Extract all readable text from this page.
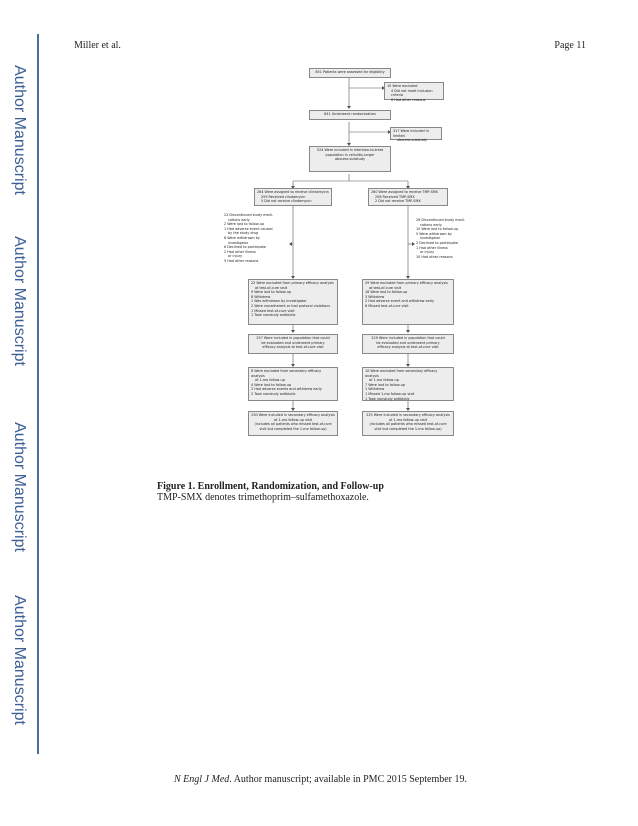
Author Manuscript
Author Manuscript
Author Manuscript
Author Manuscript
Miller et al.	Page 11
851 Patients were assessed for eligibility
10 Were excluded
4 Did not meet inclusion criteria
6 Had other reasons
841 Underwent randomization
317 Were included in limited
abscess substudy
524 Were included in intention-to-treat
population in cellulitis–larger
abscess substudy
264 Were assigned to receive clindamycin
259 Received clindamycin
5 Did not receive clindamycin
260 Were assigned to receive TMP-SMX
258 Received TMP-SMX
2 Did not receive TMP-SMX
22 Discontinued study medi-
cations early
2 Were lost to follow-up
1 Had adverse event caused
by the study drug
6 Were withdrawn by
investigator
6 Declined to participate
2 Had other illness
or injury
5 Had other reasons
26 Discontinued study medi-
cations early
10 Were lost to follow-up
5 Were withdrawn by
investigator
2 Declined to participate
1 Had other illness
or injury
10 Had other reasons
22 Were excluded from primary efficacy analysis
at test-of-cure visit
9 Were lost to follow-up
8 Withdrew
1 Was withdrawn by investigator
2 Were nonadherent or had protocol violations
1 Missed test-of-cure visit
1 Took nonstudy antibiotic
29 Were excluded from primary efficacy analysis
at test-of-cure visit
18 Were lost to follow-up
3 Withdrew
2 Had adverse event and withdrew early
6 Missed test-of-cure visit
257 Were included in population that could
be evaluated and underwent primary
efficacy analysis at test-of-cure visit
229 Were included in population that could
be evaluated and underwent primary
efficacy analysis at test-of-cure visit
8 Were excluded from secondary efficacy analysis
at 1-mo follow-up
4 Were lost to follow-up
2 Had adverse events and withdrew early
2 Took nonstudy antibiotic
10 Were excluded from secondary efficacy analysis
at 1-mo follow-up
7 Were lost to follow-up
1 Withdrew
1 Missed 1-mo follow-up visit
1 Took nonstudy antibiotic
230 Were included in secondary efficacy analysis
at 1-mo follow-up visit
(includes all patients who missed test-of-cure
visit but completed the 1-mo follow-up)
225 Were included in secondary efficacy analysis
at 1-mo follow-up visit
(includes all patients who missed test-of-cure
visit but completed the 1-mo follow-up)
Figure 1. Enrollment, Randomization, and Follow-up
TMP-SMX denotes trimethoprim–sulfamethoxazole.
N Engl J Med. Author manuscript; available in PMC 2015 September 19.
